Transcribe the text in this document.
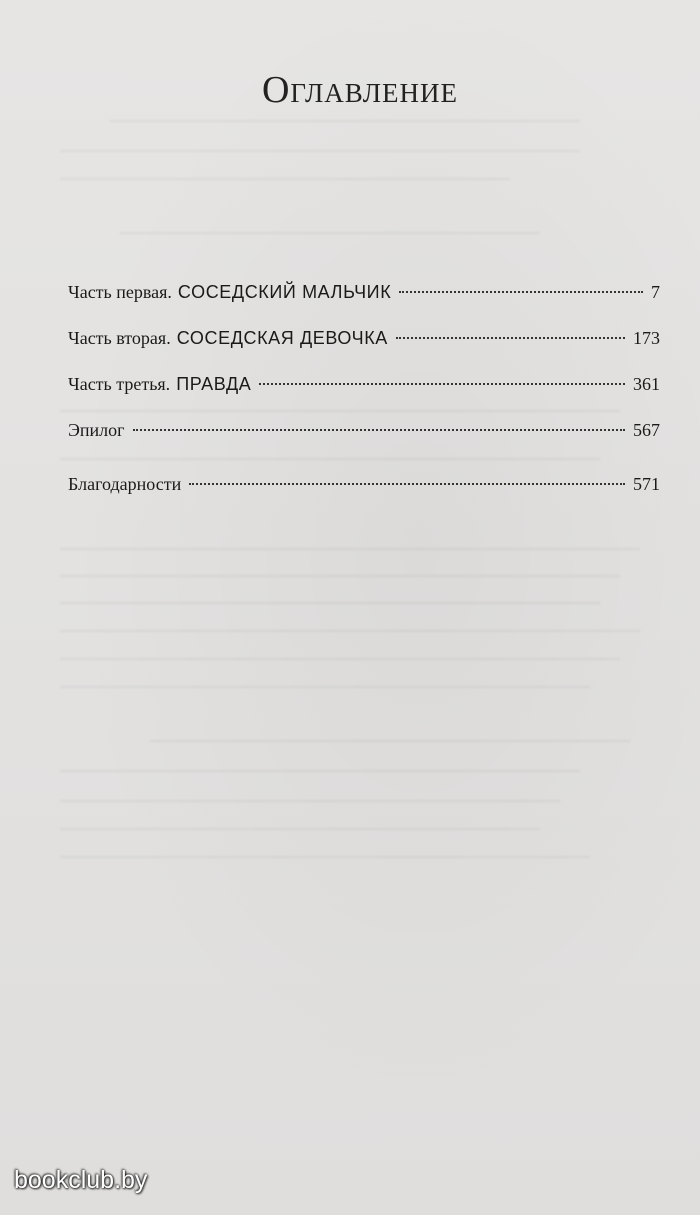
Оглавление
Часть первая. СОСЕДСКИЙ МАЛЬЧИК	7
Часть вторая. СОСЕДСКАЯ ДЕВОЧКА	173
Часть третья. ПРАВДА	361
Эпилог	567
Благодарности	571
bookclub.by
